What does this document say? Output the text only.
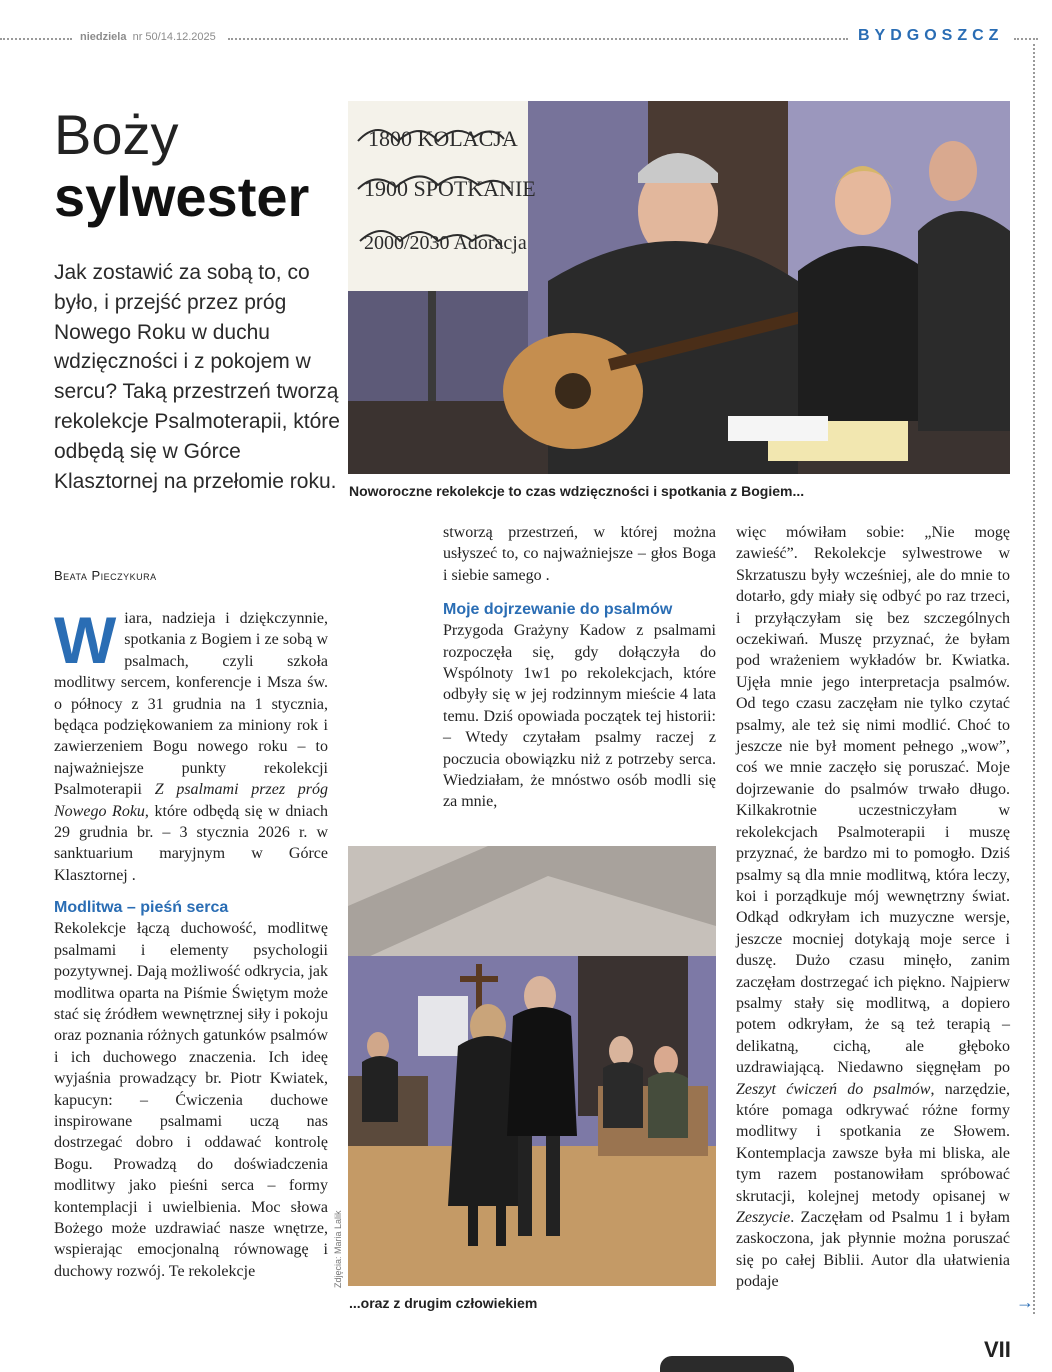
niedziela nr 50/14.12.2025	BYDGOSZCZ
Boży
sylwester
Jak zostawić za sobą to, co było, i przejść przez próg Nowego Roku w duchu wdzięczności i z pokojem w sercu? Taką przestrzeń tworzą rekolekcje Psalmoterapii, które odbędą się w Górce Klasztornej na przełomie roku.
Beata Pieczykura

Wiara, nadzieja i dziękczynnie, spotkania z Bogiem i ze sobą w psalmach, czyli szkoła modlitwy sercem, konferencje i Msza św. o północy z 31 grudnia na 1 stycznia, będąca podziękowaniem za miniony rok i zawierzeniem Bogu nowego roku – to najważniejsze punkty rekolekcji Psalmoterapii Z psalmami przez próg Nowego Roku, które odbędą się w dniach 29 grudnia br. – 3 stycznia 2026 r. w sanktuarium maryjnym w Górce Klasztornej .

Modlitwa – pieśń serca

Rekolekcje łączą duchowość, modlitwę psalmami i elementy psychologii pozytywnej. Dają możliwość odkrycia, jak modlitwa oparta na Piśmie Świętym może stać się źródłem wewnętrznej siły i pokoju oraz poznania różnych gatunków psalmów i ich duchowego znaczenia. Ich ideę wyjaśnia prowadzący br. Piotr Kwiatek, kapucyn: – Ćwiczenia duchowe inspirowane psalmami uczą nas dostrzegać dobro i oddawać kontrolę Bogu. Prowadzą do doświadczenia modlitwy jako pieśni serca – formy kontemplacji i uwielbienia. Moc słowa Bożego może uzdrawiać nasze wnętrze, wspierając emocjonalną równowagę i duchowy rozwój. Te rekolekcje

stworzą przestrzeń, w której można usłyszeć to, co najważniejsze – głos Boga i siebie samego .

Moje dojrzewanie do psalmów

Przygoda Grażyny Kadow z psalmami rozpoczęła się, gdy dołączyła do Wspólnoty 1w1 po rekolekcjach, które odbyły się w jej rodzinnym mieście 4 lata temu. Dziś opowiada początek tej historii: – Wtedy czytałam psalmy raczej z poczucia obowiązku niż z potrzeby serca. Wiedziałam, że mnóstwo osób modli się za mnie,

więc mówiłam sobie: „Nie mogę zawieść”. Rekolekcje sylwestrowe w Skrzatuszu były wcześniej, ale do mnie to dotarło, gdy miały się odbyć po raz trzeci, i przyłączyłam się bez szczególnych oczekiwań. Muszę przyznać, że byłam pod wrażeniem wykładów br. Kwiatka. Ujęła mnie jego interpretacja psalmów. Od tego czasu zaczęłam nie tylko czytać psalmy, ale też się nimi modlić. Choć to jeszcze nie był moment pełnego „wow”, coś we mnie zaczęło się poruszać. Moje dojrzewanie do psalmów trwało długo. Kilkakrotnie uczestniczyłam w rekolekcjach Psalmoterapii i muszę przyznać, że bardzo mi to pomogło. Dziś psalmy są dla mnie modlitwą, która leczy, koi i porządkuje mój wewnętrzny świat. Odkąd odkryłam ich muzyczne wersje, jeszcze mocniej dotykają moje serce i duszę. Dużo czasu minęło, zanim zaczęłam dostrzegać ich piękno. Najpierw psalmy stały się modlitwą, a dopiero potem odkryłam, że są też terapią – delikatną, cichą, ale głęboko uzdrawiającą. Niedawno sięgnęłam po Zeszyt ćwiczeń do psalmów, narzędzie, które pomaga odkrywać różne formy modlitwy i spotkania ze Słowem. Kontemplacja zawsze była mi bliska, ale tym razem postanowiłam spróbować skrutacji, kolejnej metody opisanej w Zeszycie. Zaczęłam od Psalmu 1 i byłam zaskoczona, jak płynnie można poruszać się po całej Biblii. Autor dla ułatwienia podaje

→
1800 KOLACJA
1900 SPOTKANIE
2000/2030 Adoracja
Noworoczne rekolekcje to czas wdzięczności i spotkania z Bogiem...
Zdjęcia: Maria Lalik
...oraz z drugim człowiekiem
VII
